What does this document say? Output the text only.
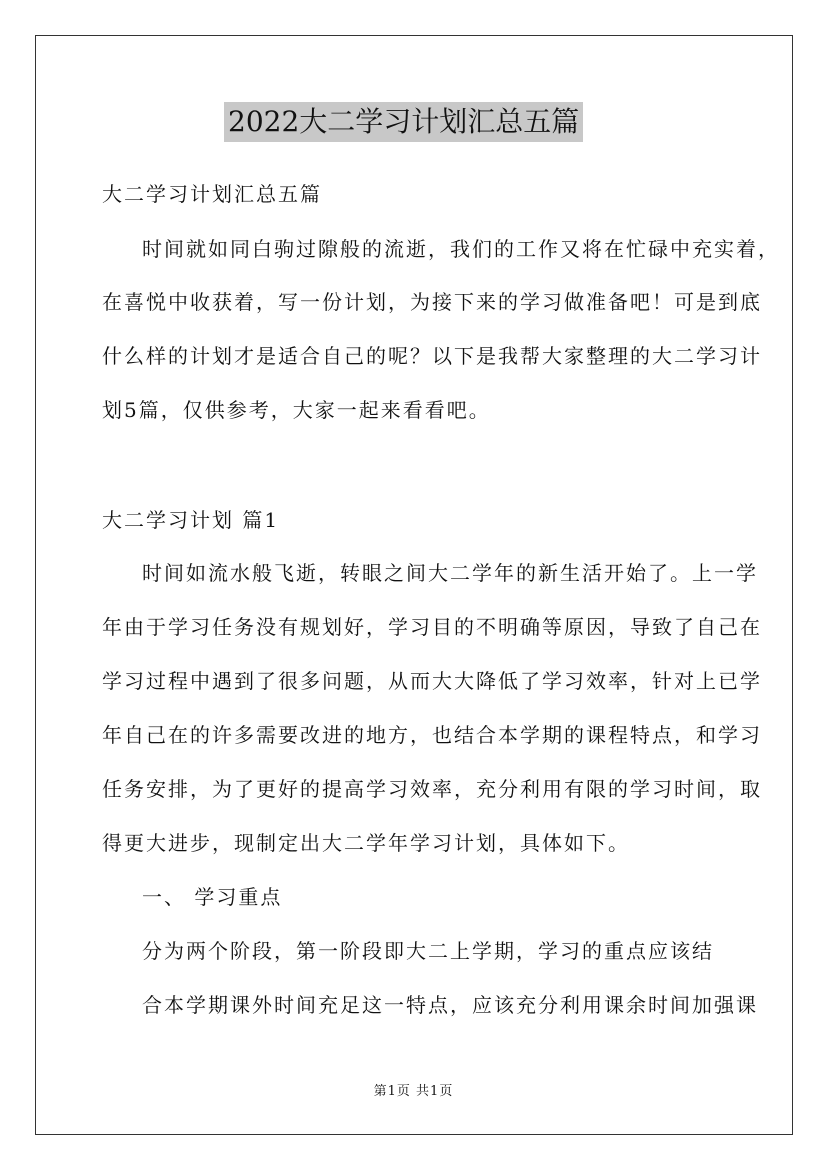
2022大二学习计划汇总五篇
大二学习计划汇总五篇
时间就如同白驹过隙般的流逝，我们的工作又将在忙碌中充实着，
在喜悦中收获着，写一份计划，为接下来的学习做准备吧！可是到底
什么样的计划才是适合自己的呢？以下是我帮大家整理的大二学习计
划5篇，仅供参考，大家一起来看看吧。
大二学习计划 篇1
时间如流水般飞逝，转眼之间大二学年的新生活开始了。上一学
年由于学习任务没有规划好，学习目的不明确等原因，导致了自己在
学习过程中遇到了很多问题，从而大大降低了学习效率，针对上已学
年自己在的许多需要改进的地方，也结合本学期的课程特点，和学习
任务安排，为了更好的提高学习效率，充分利用有限的学习时间，取
得更大进步，现制定出大二学年学习计划，具体如下。
一、 学习重点
分为两个阶段，第一阶段即大二上学期，学习的重点应该结
合本学期课外时间充足这一特点，应该充分利用课余时间加强课
第1页 共1页
